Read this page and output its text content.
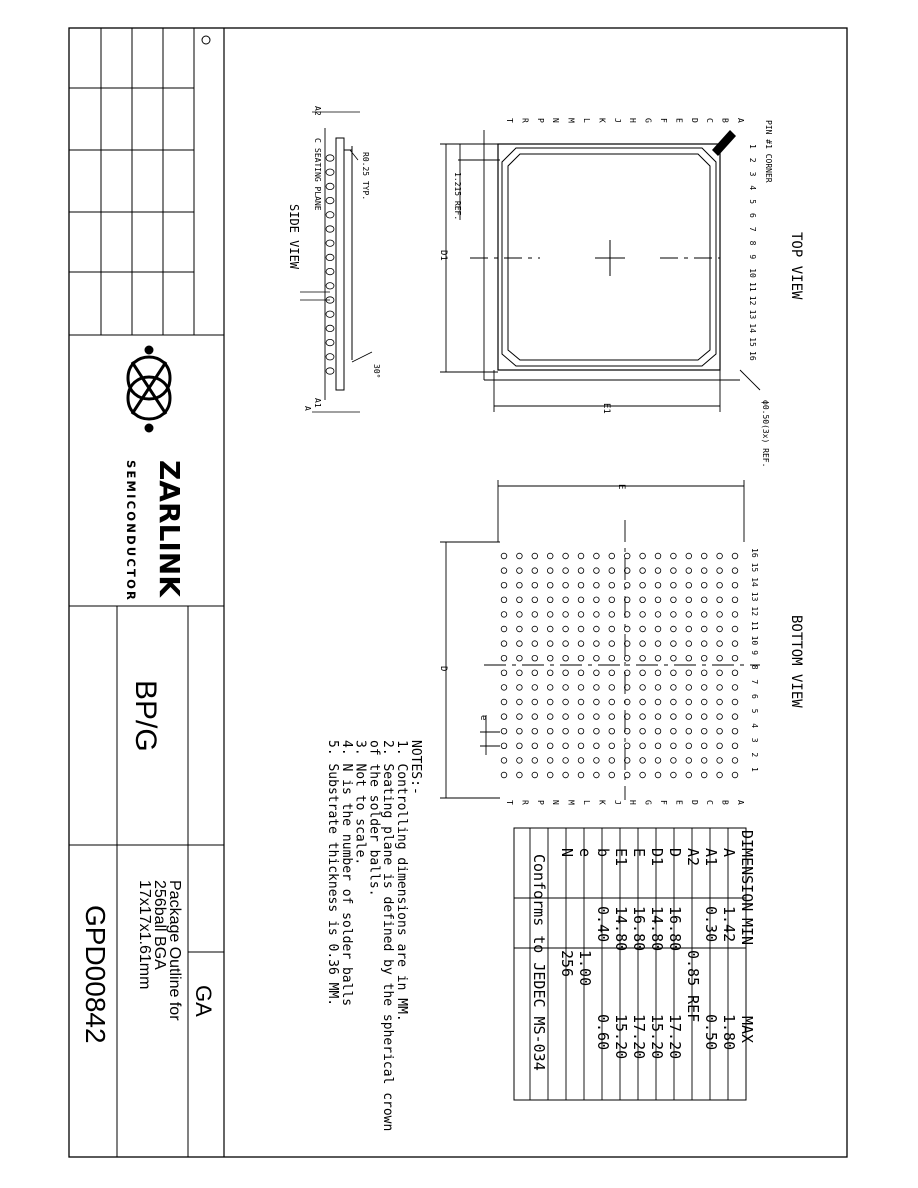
ZARLINK
SEMICONDUCTOR
BP/G
GA
Package Outline for
256ball BGA
17x17x1.61mm
GPD00842
TOP VIEW
1.215 REF.
D1
E1	ϕ0.50(3x) REF.
PIN #1 CORNER
A
B
C
D
E
F
G
H
J
K
L
M
N
P
R
T
1
2
3
4
5
6
7
8
9
10
11
12
13
14
15
16
BOTTOM VIEW
E
D
e
A
B
C
D
E
F
G
H
J
K
L
M
N
P
R
T
16
15
14
13
12
11
10
9
8
7
6
5
4
3
2
1
SIDE VIEW
R0.25 TYP.
SEATING PLANE
C
A2
A1
A
30°
NOTES:-
1. Controlling dimensions are in MM.
2. Seating plane is defined by the spherical crown
of the solder balls.
3. Not to scale.
4. N is the number of solder balls
5. Substrate thickness is 0.36 MM.	DIMENSION
MIN
MAX
A
1.42
1.80
A1
0.30
0.50
A2
0.85 REF
D
16.80
17.20
D1
14.80
15.20
E
16.80
17.20
E1
14.80
15.20
b
0.40
0.60
e
1.00
N
256
Conforms to JEDEC MS-034
